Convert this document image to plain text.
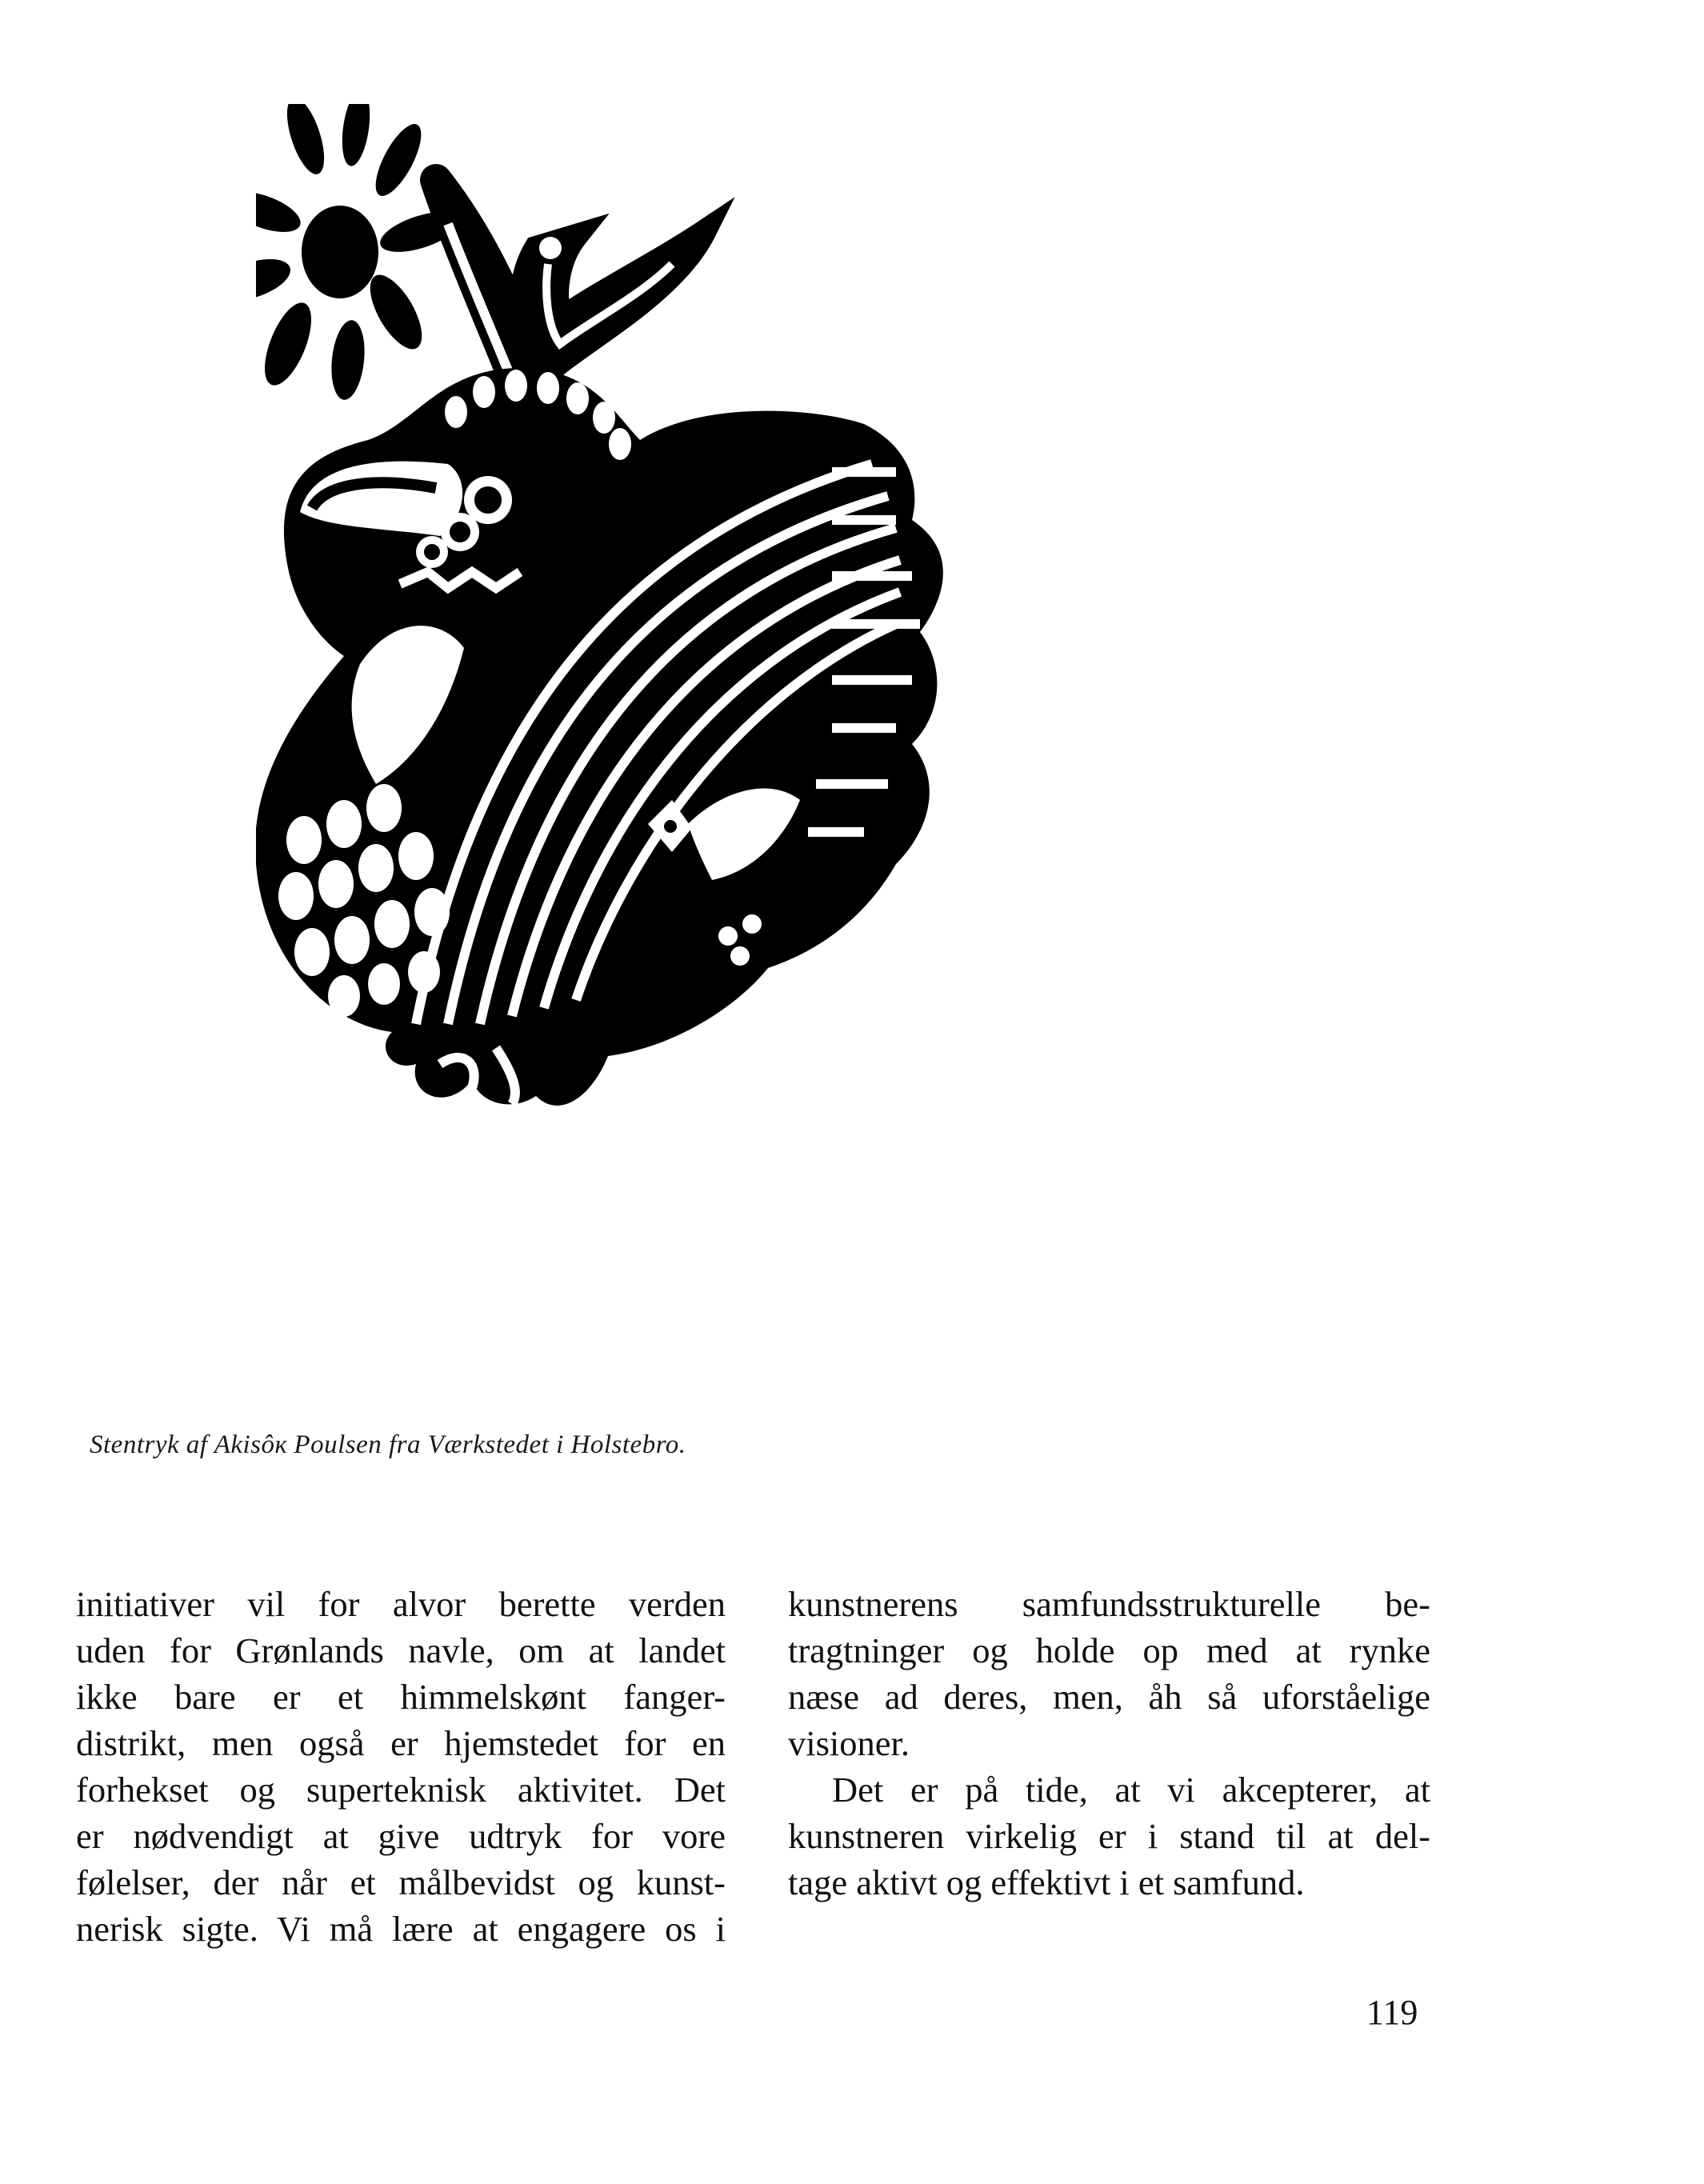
Stentryk af Akisôĸ Poulsen fra Værkstedet i Holstebro.
initiativer vil for alvor berette verden
uden for Grønlands navle, om at landet
ikke bare er et himmelskønt fanger-
distrikt, men også er hjemstedet for en
forhekset og superteknisk aktivitet. Det
er nødvendigt at give udtryk for vore
følelser, der når et målbevidst og kunst-
nerisk sigte. Vi må lære at engagere os i
kunstnerens samfundsstrukturelle be-
tragtninger og holde op med at rynke
næse ad deres, men, åh så uforståelige
visioner.
Det er på tide, at vi akcepterer, at
kunstneren virkelig er i stand til at del-
tage aktivt og effektivt i et samfund.
119
